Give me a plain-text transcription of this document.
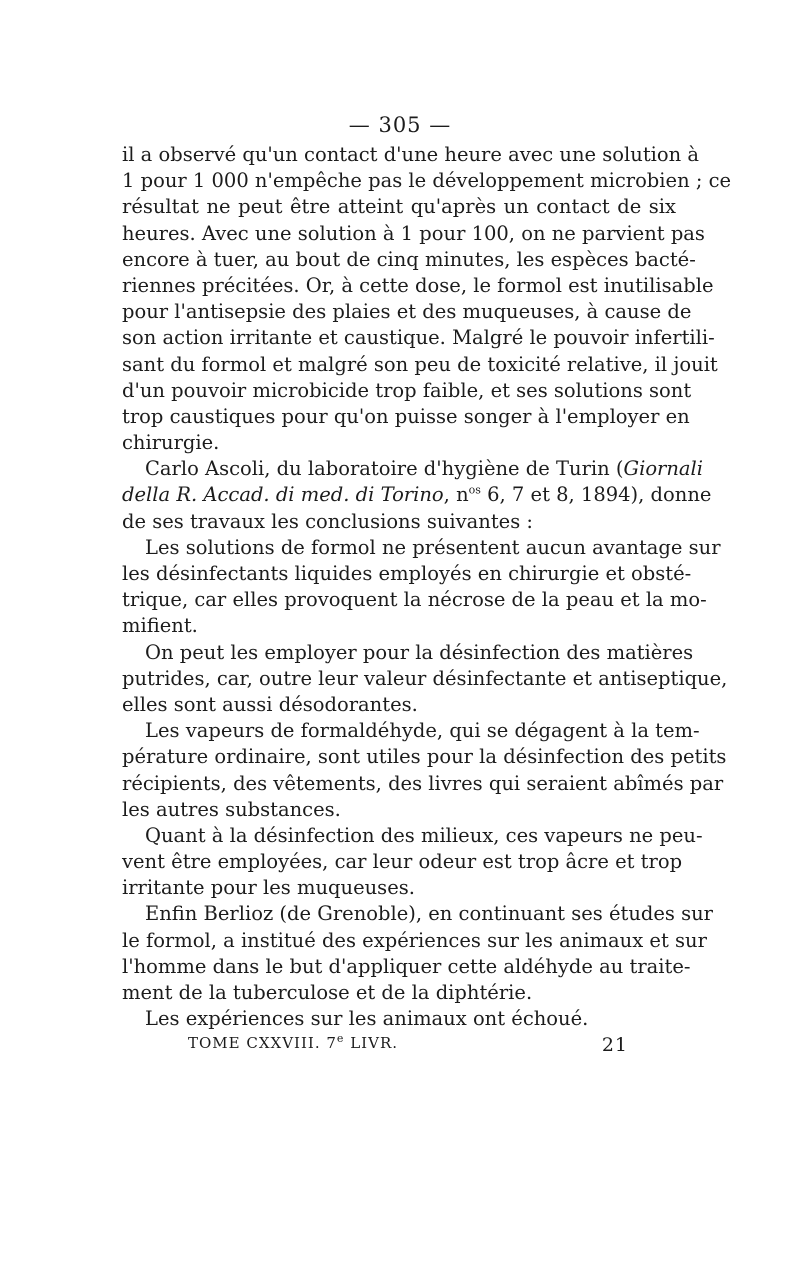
— 305 —
il a observé qu'un contact d'une heure avec une solution à
1 pour 1 000 n'empêche pas le développement microbien ; ce
résultat ne peut être atteint qu'après un contact de six
heures. Avec une solution à 1 pour 100, on ne parvient pas
encore à tuer, au bout de cinq minutes, les espèces bacté-
riennes précitées. Or, à cette dose, le formol est inutilisable
pour l'antisepsie des plaies et des muqueuses, à cause de
son action irritante et caustique. Malgré le pouvoir infertili-
sant du formol et malgré son peu de toxicité relative, il jouit
d'un pouvoir microbicide trop faible, et ses solutions sont
trop caustiques pour qu'on puisse songer à l'employer en
chirurgie.
Carlo Ascoli, du laboratoire d'hygiène de Turin (Giornali
della R. Accad. di med. di Torino, $n^{os}$ 6, 7 et 8, 1894), donne
de ses travaux les conclusions suivantes :
Les solutions de formol ne présentent aucun avantage sur
les désinfectants liquides employés en chirurgie et obsté-
trique, car elles provoquent la nécrose de la peau et la mo-
mifient.
On peut les employer pour la désinfection des matières
putrides, car, outre leur valeur désinfectante et antiseptique,
elles sont aussi désodorantes.
Les vapeurs de formaldéhyde, qui se dégagent à la tem-
pérature ordinaire, sont utiles pour la désinfection des petits
récipients, des vêtements, des livres qui seraient abîmés par
les autres substances.
Quant à la désinfection des milieux, ces vapeurs ne peu-
vent être employées, car leur odeur est trop âcre et trop
irritante pour les muqueuses.
Enfin Berlioz (de Grenoble), en continuant ses études sur
le formol, a institué des expériences sur les animaux et sur
l'homme dans le but d'appliquer cette aldéhyde au traite-
ment de la tuberculose et de la diphtérie.
Les expériences sur les animaux ont échoué.
TOME CXXVIII. 7e LIVR.	21
